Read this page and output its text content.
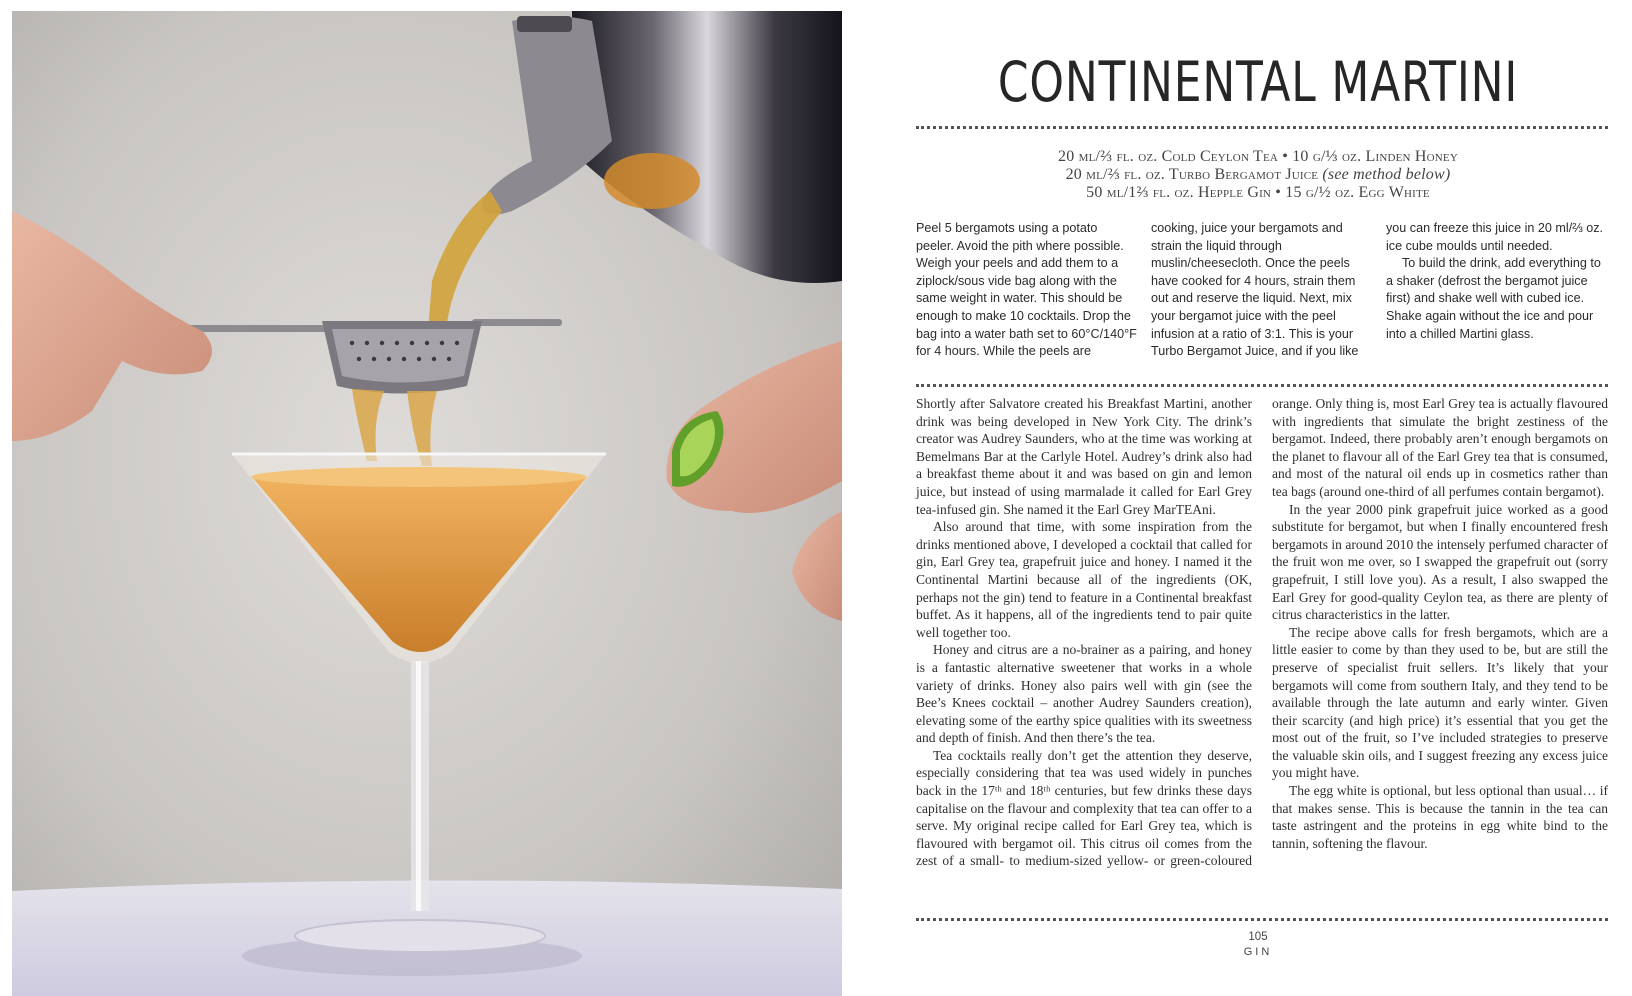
CONTINENTAL MARTINI
20 ml/⅔ fl. oz. Cold Ceylon Tea • 10 g/⅓ oz. Linden Honey
20 ml/⅔ fl. oz. Turbo Bergamot Juice (see method below)
50 ml/1⅔ fl. oz. Hepple Gin • 15 g/½ oz. Egg White

Peel 5 bergamots using a potato peeler. Avoid the pith where possible. Weigh your peels and add them to a ziplock/sous vide bag along with the same weight in water. This should be enough to make 10 cocktails. Drop the bag into a water bath set to 60°C/140°F for 4 hours. While the peels are cooking, juice your bergamots and strain the liquid through muslin/cheesecloth. Once the peels have cooked for 4 hours, strain them out and reserve the liquid. Next, mix your bergamot juice with the peel infusion at a ratio of 3:1. This is your Turbo Bergamot Juice, and if you like you can freeze this juice in 20 ml/⅔ oz. ice cube moulds until needed.

To build the drink, add everything to a shaker (defrost the bergamot juice first) and shake well with cubed ice. Shake again without the ice and pour into a chilled Martini glass.

Shortly after Salvatore created his Breakfast Martini, another drink was being developed in New York City. The drink’s creator was Audrey Saunders, who at the time was working at Bemelmans Bar at the Carlyle Hotel. Audrey’s drink also had a breakfast theme about it and was based on gin and lemon juice, but instead of using marmalade it called for Earl Grey tea-infused gin. She named it the Earl Grey MarTEAni.

Also around that time, with some inspiration from the drinks mentioned above, I developed a cocktail that called for gin, Earl Grey tea, grapefruit juice and honey. I named it the Continental Martini because all of the ingredients (OK, perhaps not the gin) tend to feature in a Continental breakfast buffet. As it happens, all of the ingredients tend to pair quite well together too.

Honey and citrus are a no-brainer as a pairing, and honey is a fantastic alternative sweetener that works in a whole variety of drinks. Honey also pairs well with gin (see the Bee’s Knees cocktail – another Audrey Saunders creation), elevating some of the earthy spice qualities with its sweetness and depth of finish. And then there’s the tea.

Tea cocktails really don’t get the attention they deserve, especially considering that tea was used widely in punches back in the 17ᵗʰ and 18ᵗʰ centuries, but few drinks these days capitalise on the flavour and complexity that tea can offer to a serve. My original recipe called for Earl Grey tea, which is flavoured with bergamot oil. This citrus oil comes from the zest of a small- to medium-sized yellow- or green-coloured orange. Only thing is, most Earl Grey tea is actually flavoured with ingredients that simulate the bright zestiness of the bergamot. Indeed, there probably aren’t enough bergamots on the planet to flavour all of the Earl Grey tea that is consumed, and most of the natural oil ends up in cosmetics rather than tea bags (around one-third of all perfumes contain bergamot).

In the year 2000 pink grapefruit juice worked as a good substitute for bergamot, but when I finally encountered fresh bergamots in around 2010 the intensely perfumed character of the fruit won me over, so I swapped the grapefruit out (sorry grapefruit, I still love you). As a result, I also swapped the Earl Grey for good-quality Ceylon tea, as there are plenty of citrus characteristics in the latter.

The recipe above calls for fresh bergamots, which are a little easier to come by than they used to be, but are still the preserve of specialist fruit sellers. It’s likely that your bergamots will come from southern Italy, and they tend to be available through the late autumn and early winter. Given their scarcity (and high price) it’s essential that you get the most out of the fruit, so I’ve included strategies to preserve the valuable skin oils, and I suggest freezing any excess juice you might have.

The egg white is optional, but less optional than usual… if that makes sense. This is because the tannin in the tea can taste astringent and the proteins in egg white bind to the tannin, softening the flavour.

105
GIN
